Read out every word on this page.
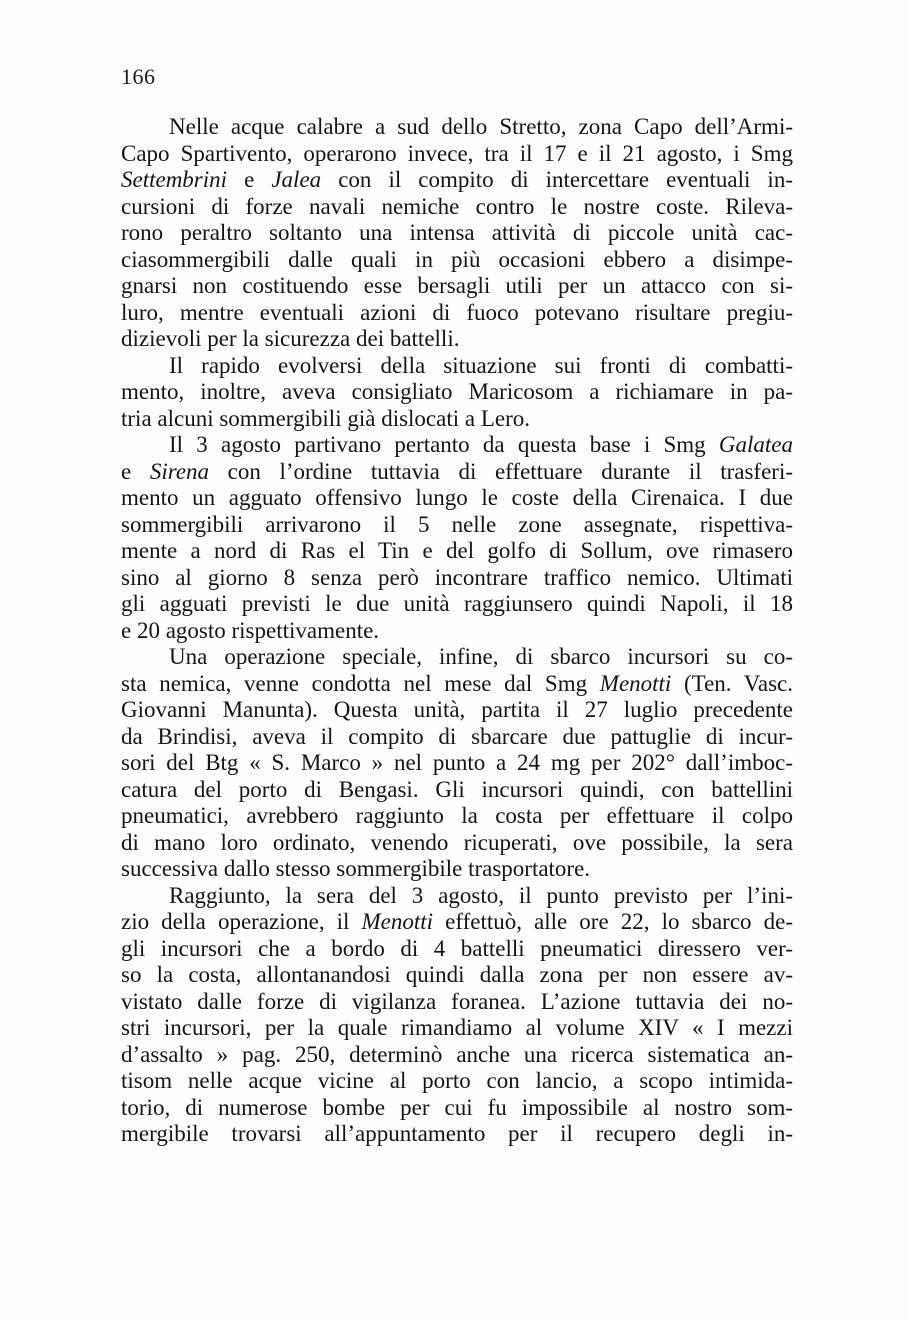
166
Nelle acque calabre a sud dello Stretto, zona Capo dell’Armi-
Capo Spartivento, operarono invece, tra il 17 e il 21 agosto, i Smg
Settembrini e Jalea con il compito di intercettare eventuali in-
cursioni di forze navali nemiche contro le nostre coste. Rileva-
rono peraltro soltanto una intensa attività di piccole unità cac-
ciasommergibili dalle quali in più occasioni ebbero a disimpe-
gnarsi non costituendo esse bersagli utili per un attacco con si-
luro, mentre eventuali azioni di fuoco potevano risultare pregiu-
dizievoli per la sicurezza dei battelli.
Il rapido evolversi della situazione sui fronti di combatti-
mento, inoltre, aveva consigliato Maricosom a richiamare in pa-
tria alcuni sommergibili già dislocati a Lero.
Il 3 agosto partivano pertanto da questa base i Smg Galatea
e Sirena con l’ordine tuttavia di effettuare durante il trasferi-
mento un agguato offensivo lungo le coste della Cirenaica. I due
sommergibili arrivarono il 5 nelle zone assegnate, rispettiva-
mente a nord di Ras el Tin e del golfo di Sollum, ove rimasero
sino al giorno 8 senza però incontrare traffico nemico. Ultimati
gli agguati previsti le due unità raggiunsero quindi Napoli, il 18
e 20 agosto rispettivamente.
Una operazione speciale, infine, di sbarco incursori su co-
sta nemica, venne condotta nel mese dal Smg Menotti (Ten. Vasc.
Giovanni Manunta). Questa unità, partita il 27 luglio precedente
da Brindisi, aveva il compito di sbarcare due pattuglie di incur-
sori del Btg « S. Marco » nel punto a 24 mg per 202° dall’imboc-
catura del porto di Bengasi. Gli incursori quindi, con battellini
pneumatici, avrebbero raggiunto la costa per effettuare il colpo
di mano loro ordinato, venendo ricuperati, ove possibile, la sera
successiva dallo stesso sommergibile trasportatore.
Raggiunto, la sera del 3 agosto, il punto previsto per l’ini-
zio della operazione, il Menotti effettuò, alle ore 22, lo sbarco de-
gli incursori che a bordo di 4 battelli pneumatici diressero ver-
so la costa, allontanandosi quindi dalla zona per non essere av-
vistato dalle forze di vigilanza foranea. L’azione tuttavia dei no-
stri incursori, per la quale rimandiamo al volume XIV « I mezzi
d’assalto » pag. 250, determinò anche una ricerca sistematica an-
tisom nelle acque vicine al porto con lancio, a scopo intimida-
torio, di numerose bombe per cui fu impossibile al nostro som-
mergibile trovarsi all’appuntamento per il recupero degli in-
